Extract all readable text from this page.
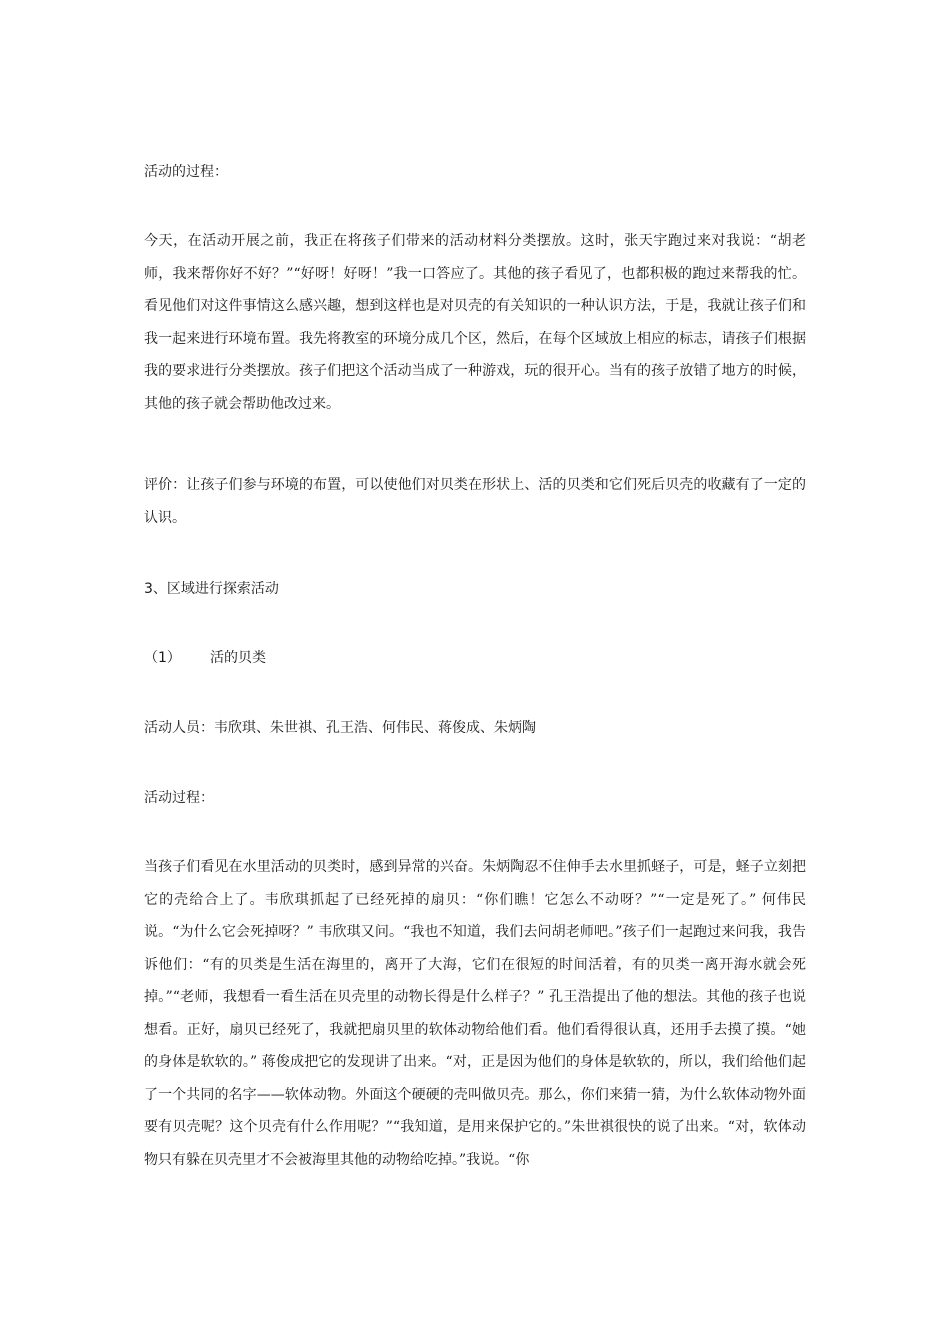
活动的过程：

今天，在活动开展之前，我正在将孩子们带来的活动材料分类摆放。这时，张天宇跑过来对我说：“胡老师，我来帮你好不好？”“好呀！好呀！”我一口答应了。其他的孩子看见了，也都积极的跑过来帮我的忙。看见他们对这件事情这么感兴趣，想到这样也是对贝壳的有关知识的一种认识方法，于是，我就让孩子们和我一起来进行环境布置。我先将教室的环境分成几个区，然后，在每个区域放上相应的标志，请孩子们根据我的要求进行分类摆放。孩子们把这个活动当成了一种游戏，玩的很开心。当有的孩子放错了地方的时候，其他的孩子就会帮助他改过来。

评价：让孩子们参与环境的布置，可以使他们对贝类在形状上、活的贝类和它们死后贝壳的收藏有了一定的认识。

3、区域进行探索活动

（1） 活的贝类

活动人员：韦欣琪、朱世祺、孔王浩、何伟民、蒋俊成、朱炳陶

活动过程：

当孩子们看见在水里活动的贝类时，感到异常的兴奋。朱炳陶忍不住伸手去水里抓蛏子，可是，蛏子立刻把它的壳给合上了。韦欣琪抓起了已经死掉的扇贝：“你们瞧！它怎么不动呀？”“一定是死了。” 何伟民说。“为什么它会死掉呀？” 韦欣琪又问。“我也不知道，我们去问胡老师吧。”孩子们一起跑过来问我，我告诉他们：“有的贝类是生活在海里的，离开了大海，它们在很短的时间活着，有的贝类一离开海水就会死掉。”“老师，我想看一看生活在贝壳里的动物长得是什么样子？” 孔王浩提出了他的想法。其他的孩子也说想看。正好，扇贝已经死了，我就把扇贝里的软体动物给他们看。他们看得很认真，还用手去摸了摸。“她的身体是软软的。” 蒋俊成把它的发现讲了出来。“对，正是因为他们的身体是软软的，所以，我们给他们起了一个共同的名字——软体动物。外面这个硬硬的壳叫做贝壳。那么，你们来猜一猜，为什么软体动物外面要有贝壳呢？这个贝壳有什么作用呢？”“我知道，是用来保护它的。”朱世祺很快的说了出来。“对，软体动物只有躲在贝壳里才不会被海里其他的动物给吃掉。”我说。“你
